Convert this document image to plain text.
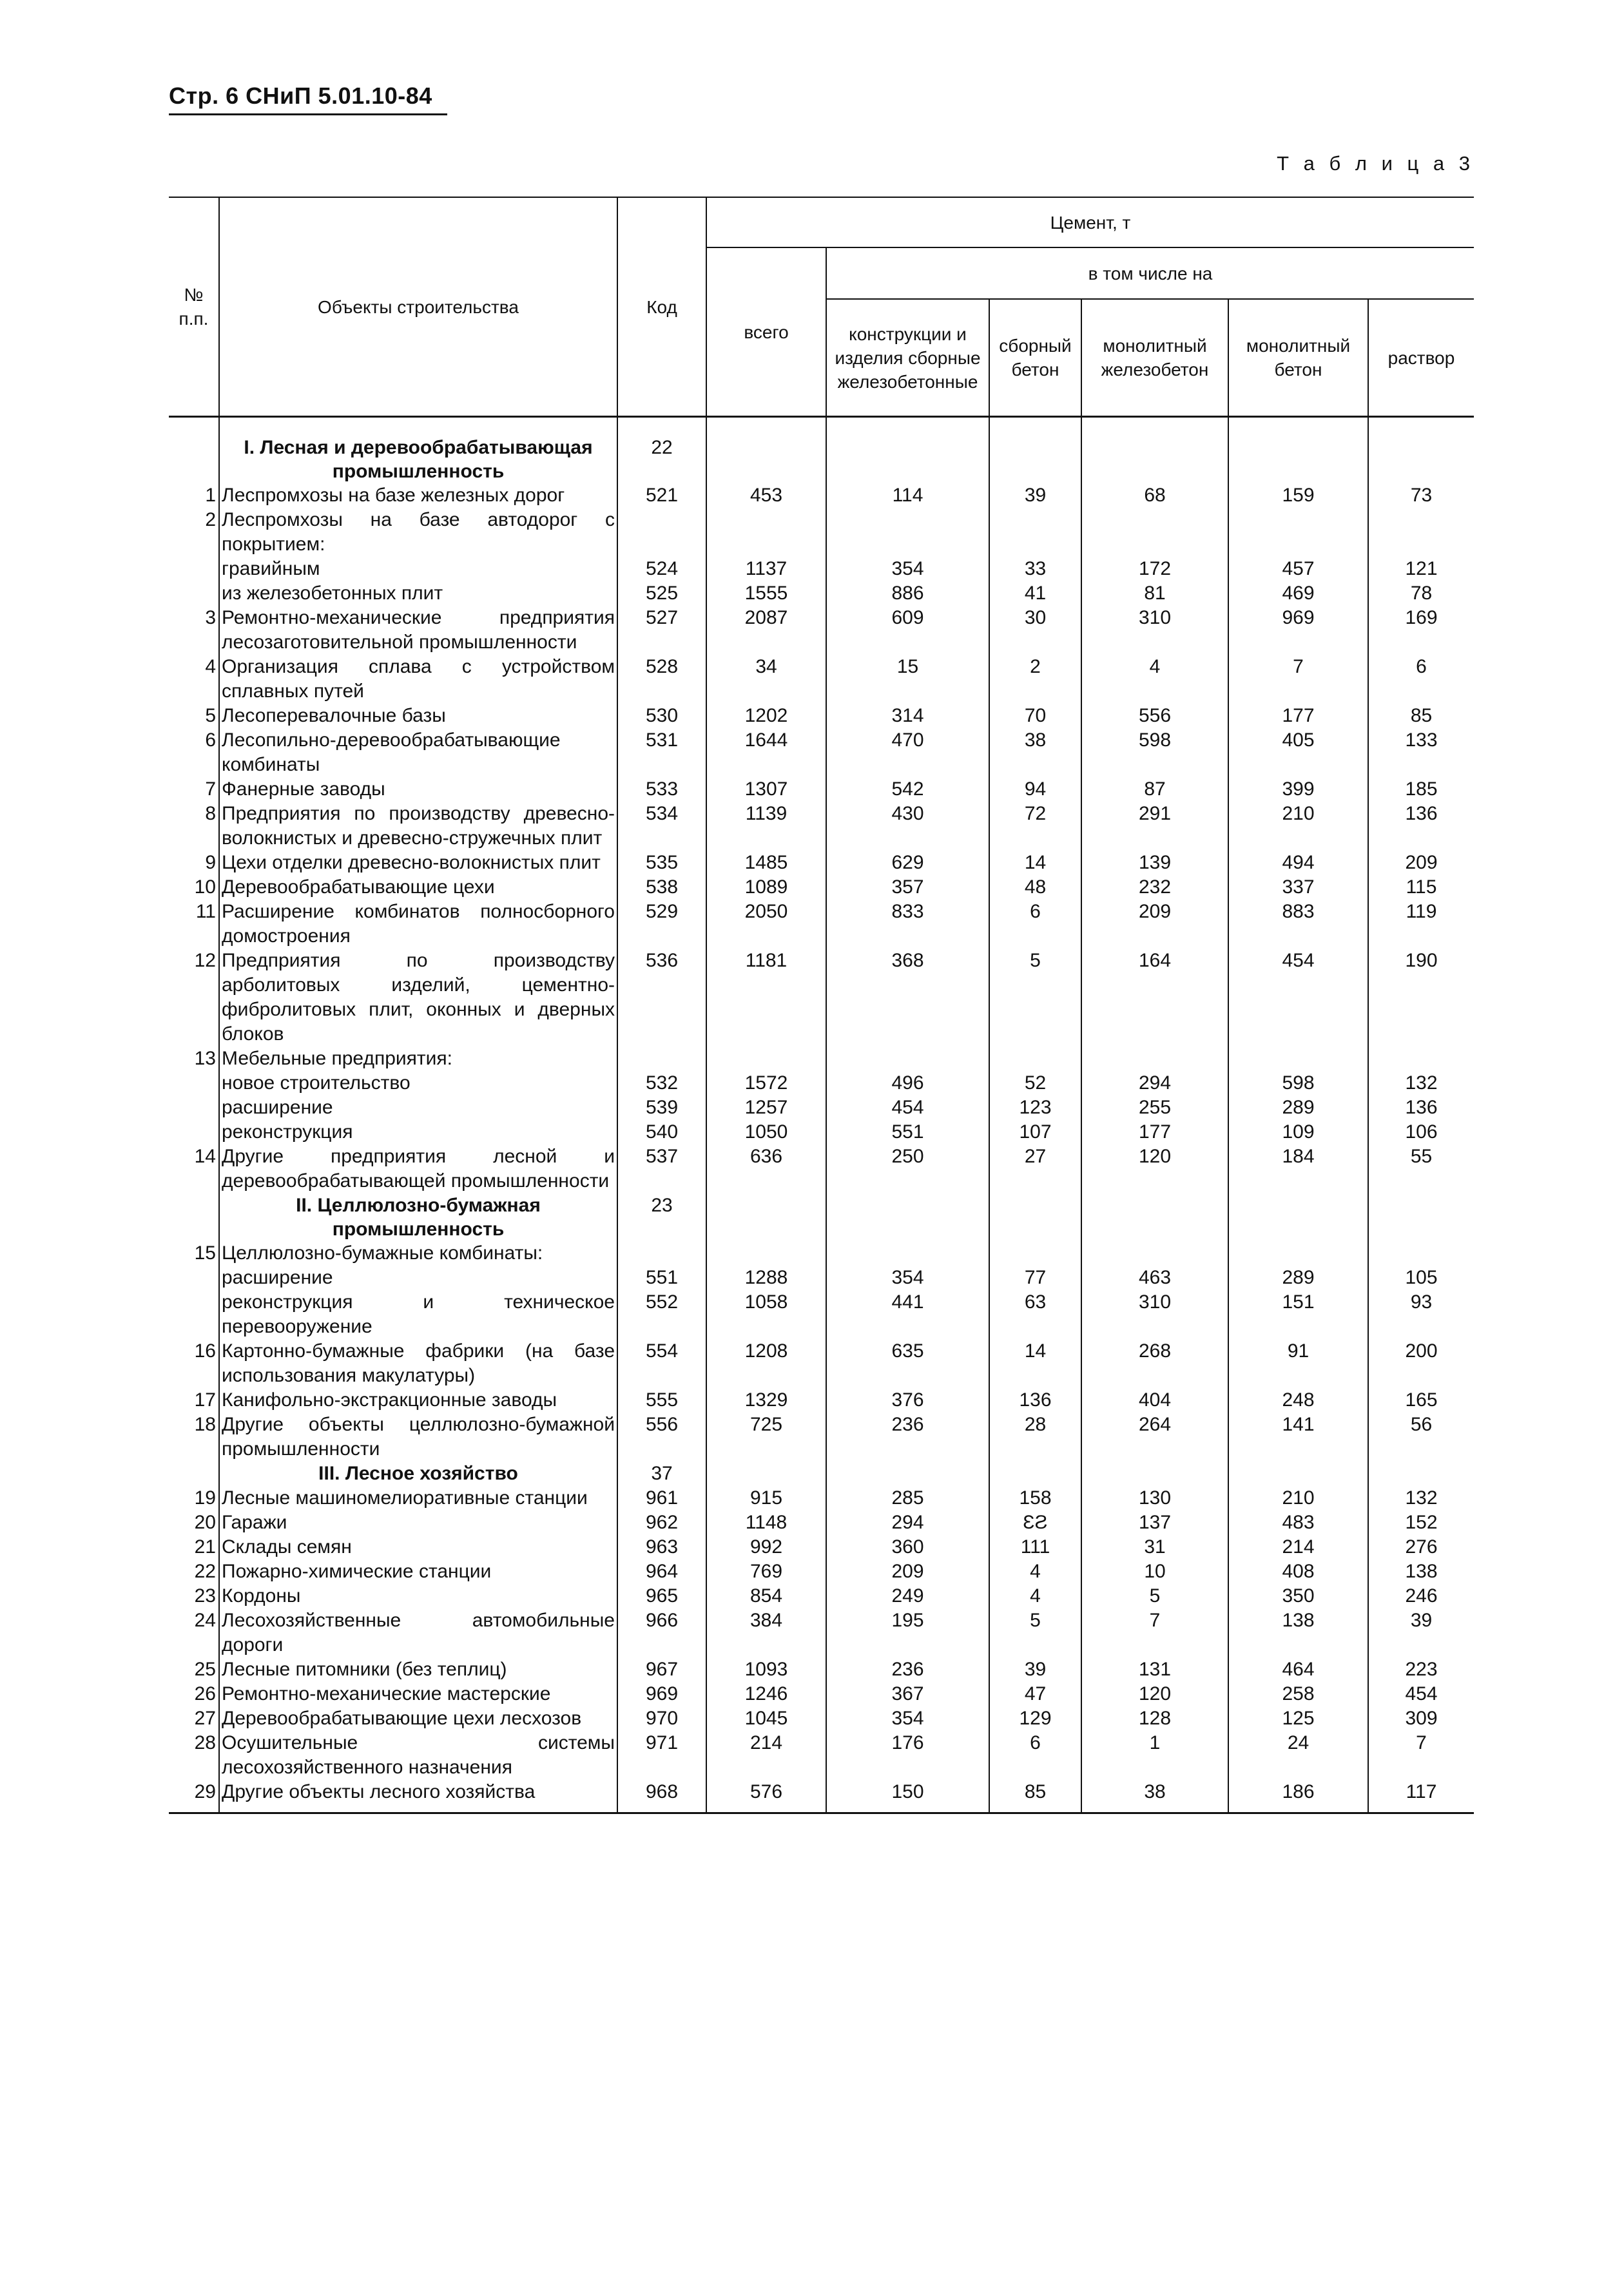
Стр. 6 СНиП 5.01.10-84
Т а б л и ц а 3
№ п.п.	Объекты строительства	Код	Цемент, т					
			всего	в том числе на				
				конструкции и изделия сборные железобетонные	сборный бетон	монолитный железобетон	монолитный бетон	раствор

	I. Лесная и деревообрабатывающая промышленность	22						
1	Леспромхозы на базе железных дорог	521	453	114	39	68	159	73
2	Леспромхозы на базе автодорог с покрытием:							
	гравийным	524	1137	354	33	172	457	121
	из железобетонных плит	525	1555	886	41	81	469	78
3	Ремонтно-механические предприятия лесозаготовительной промышленности	527	2087	609	30	310	969	169
4	Организация сплава с устройством сплавных путей	528	34	15	2	4	7	6
5	Лесоперевалочные базы	530	1202	314	70	556	177	85
6	Лесопильно-деревообрабатывающие комбинаты	531	1644	470	38	598	405	133
7	Фанерные заводы	533	1307	542	94	87	399	185
8	Предприятия по производству древесно-волокнистых и древесно-стружечных плит	534	1139	430	72	291	210	136
9	Цехи отделки древесно-волокнистых плит	535	1485	629	14	139	494	209
10	Деревообрабатывающие цехи	538	1089	357	48	232	337	115
11	Расширение комбинатов полносборного домостроения	529	2050	833	6	209	883	119
12	Предприятия по производству арболитовых изделий, цементно-фибролитовых плит, оконных и дверных блоков	536	1181	368	5	164	454	190
13	Мебельные предприятия:							
	новое строительство	532	1572	496	52	294	598	132
	расширение	539	1257	454	123	255	289	136
	реконструкция	540	1050	551	107	177	109	106
14	Другие предприятия лесной и деревообрабатывающей промышленности	537	636	250	27	120	184	55

	II. Целлюлозно-бумажная промышленность	23						
15	Целлюлозно-бумажные комбинаты:							
	расширение	551	1288	354	77	463	289	105
	реконструкция и техническое перевооружение	552	1058	441	63	310	151	93
16	Картонно-бумажные фабрики (на базе использования макулатуры)	554	1208	635	14	268	91	200
17	Канифольно-экстракционные заводы	555	1329	376	136	404	248	165
18	Другие объекты целлюлозно-бумажной промышленности	556	725	236	28	264	141	56

	III. Лесное хозяйство	37						
19	Лесные машиномелиоративные станции	961	915	285	158	130	210	132
20	Гаражи	962	1148	294	ƐƧ	137	483	152
21	Склады семян	963	992	360	111	31	214	276
22	Пожарно-химические станции	964	769	209	4	10	408	138
23	Кордоны	965	854	249	4	5	350	246
24	Лесохозяйственные автомобильные дороги	966	384	195	5	7	138	39
25	Лесные питомники (без теплиц)	967	1093	236	39	131	464	223
26	Ремонтно-механические мастерские	969	1246	367	47	120	258	454
27	Деревообрабатывающие цехи лесхозов	970	1045	354	129	128	125	309
28	Осушительные системы лесохозяйственного назначения	971	214	176	6	1	24	7
29	Другие объекты лесного хозяйства	968	576	150	85	38	186	117
